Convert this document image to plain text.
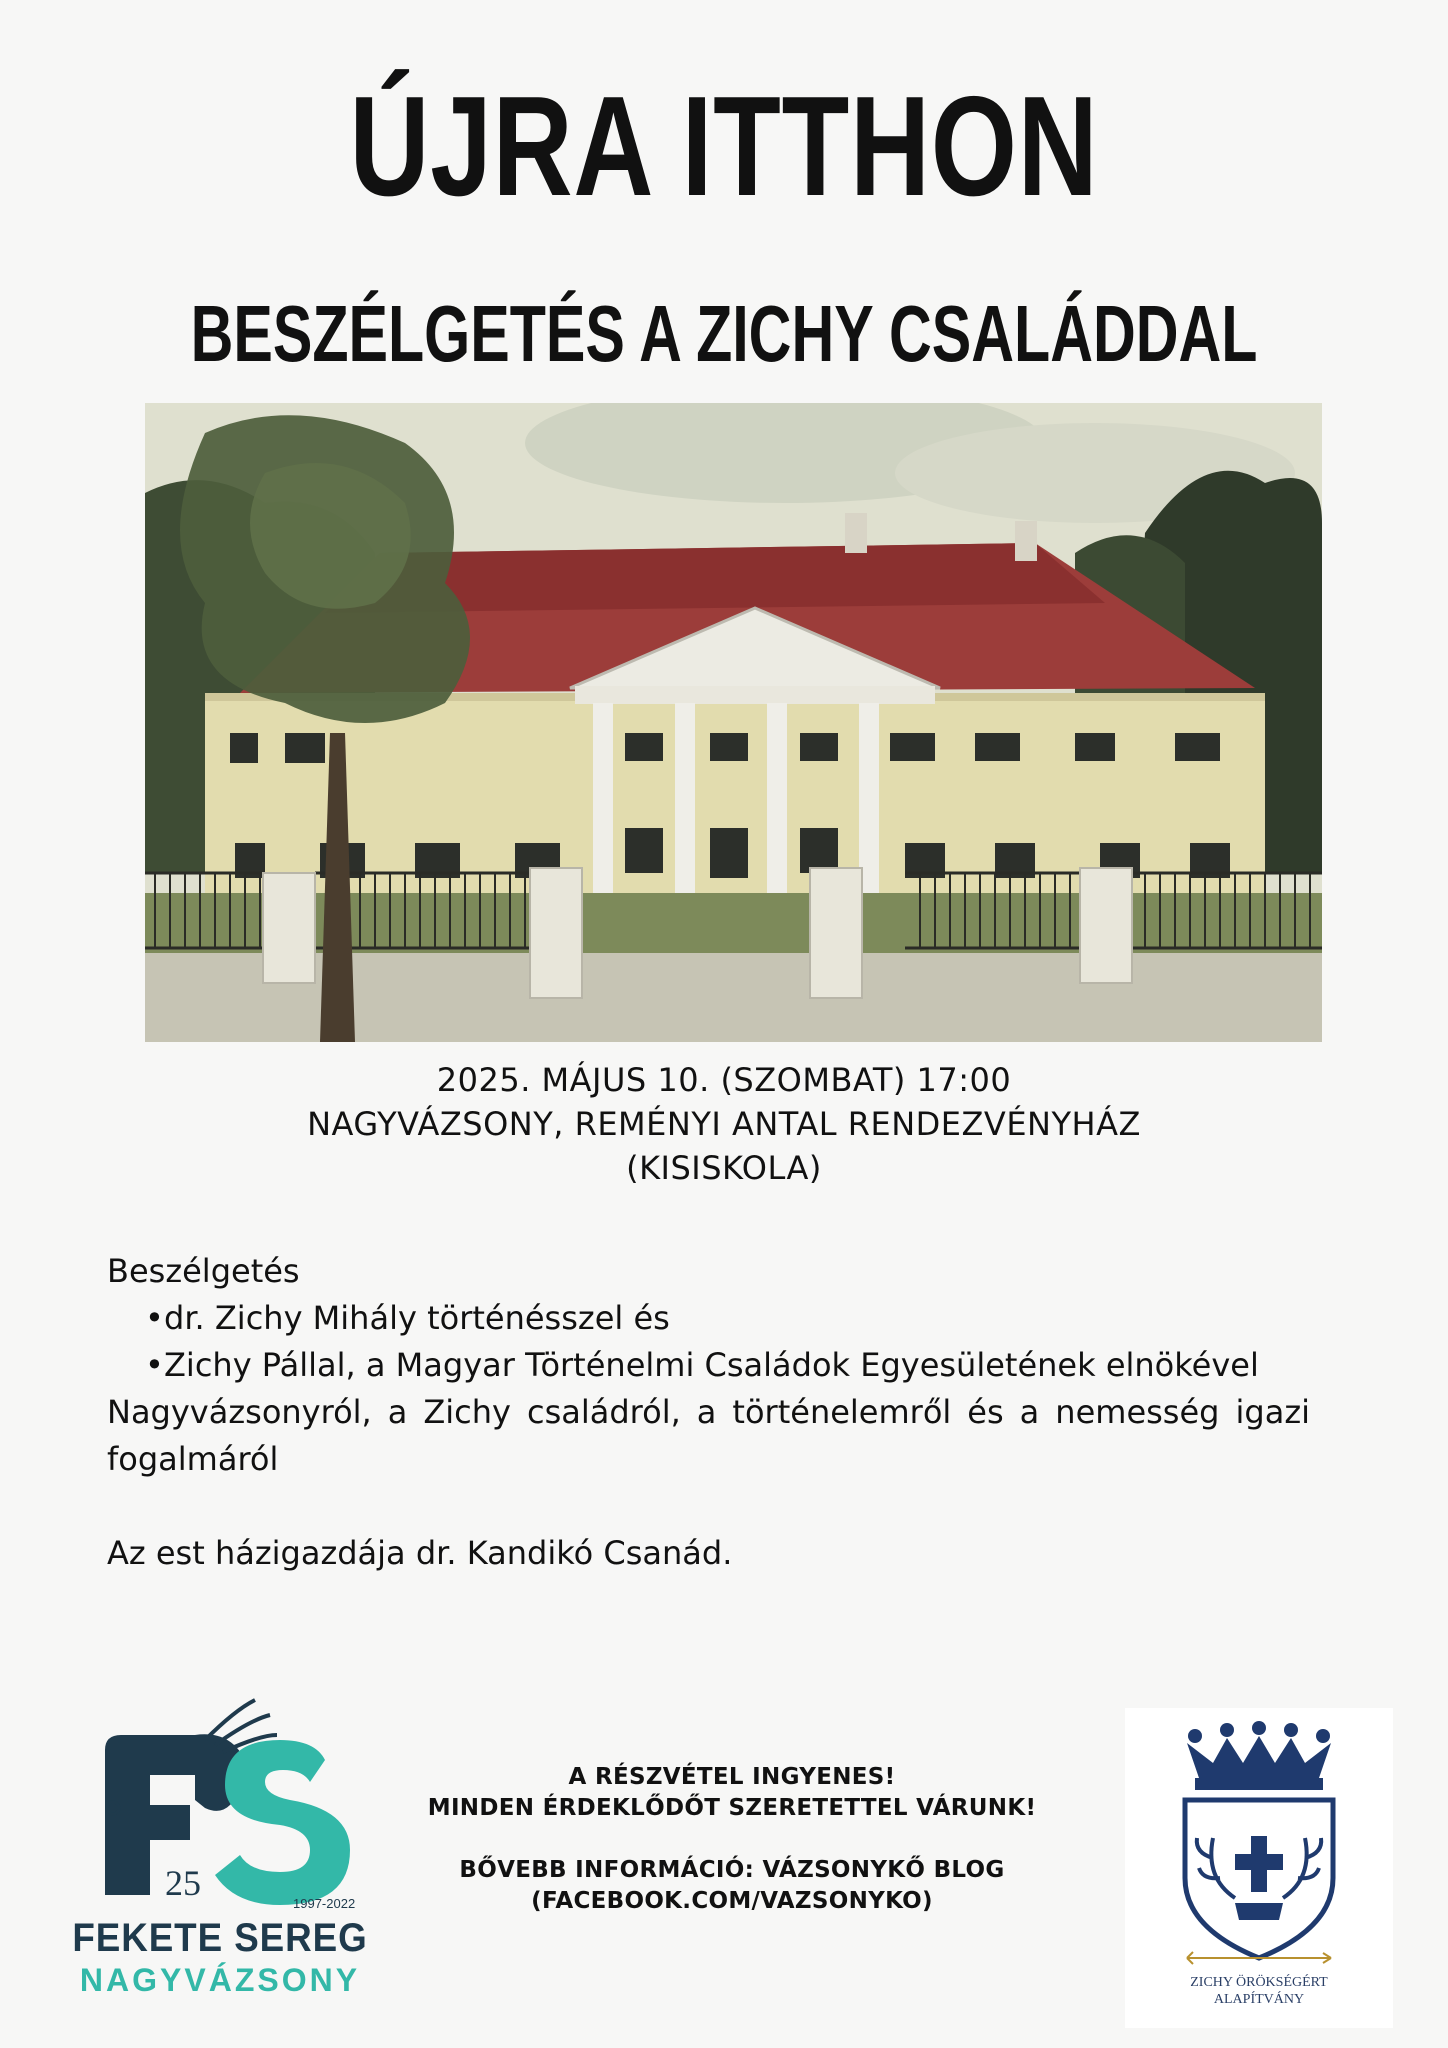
ÚJRA ITTHON
BESZÉLGETÉS A ZICHY CSALÁDDAL
2025. MÁJUS 10. (SZOMBAT) 17:00
NAGYVÁZSONY, REMÉNYI ANTAL RENDEZVÉNYHÁZ
(KISISKOLA)

Beszélgetés

• dr. Zichy Mihály történésszel és
• Zichy Pállal, a Magyar Történelmi Családok Egyesületének elnökével

Nagyvázsonyról, a Zichy családról, a történelemről és a nemesség igazi fogalmáról

Az est házigazdája dr. Kandikó Csanád.

25
1997-2022
FEKETE SEREG
NAGYVÁZSONY
A RÉSZVÉTEL INGYENES!
MINDEN ÉRDEKLŐDŐT SZERETETTEL VÁRUNK!
BŐVEBB INFORMÁCIÓ: VÁZSONYKŐ BLOG
(FACEBOOK.COM/VAZSONYKO)
ZICHY ÖRÖKSÉGÉRT
ALAPÍTVÁNY
